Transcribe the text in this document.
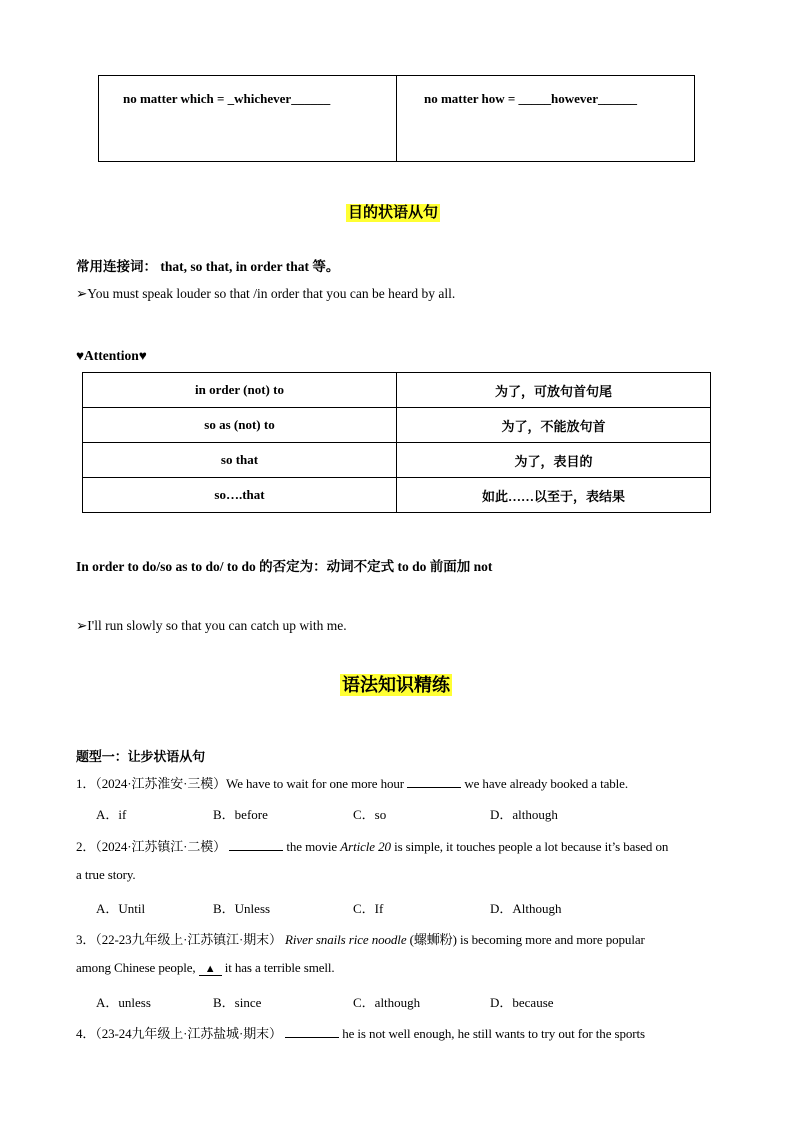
no matter which = _whichever______	no matter how = _____however______
目的状语从句
常用连接词： that, so that, in order that 等。
➢You must speak louder so that /in order that you can be heard by all.
♥Attention♥
in order (not) to	为了，可放句首句尾
so as (not) to	为了，不能放句首
so that	为了，表目的
so….that	如此……以至于，表结果
In order to do/so as to do/ to do 的否定为：动词不定式 to do 前面加 not
➢I'll run slowly so that you can catch up with me.
语法知识精练
题型一：让步状语从句
1．（2024·江苏淮安·三模）We have to wait for one more hour	we have already booked a table.
A．if	B．before	C．so	D．although
2．（2024·江苏镇江·二模）	the movie Article 20 is simple, it touches people a lot because it’s based on
a true story.
A．Until	B．Unless	C．If	D．Although
3．（22-23九年级上·江苏镇江·期末） River snails rice noodle (螺蛳粉) is becoming more and more popular
among Chinese people, ▲ it has a terrible smell.
A．unless	B．since	C．although	D．because
4．（23-24九年级上·江苏盐城·期末）	he is not well enough, he still wants to try out for the sports
